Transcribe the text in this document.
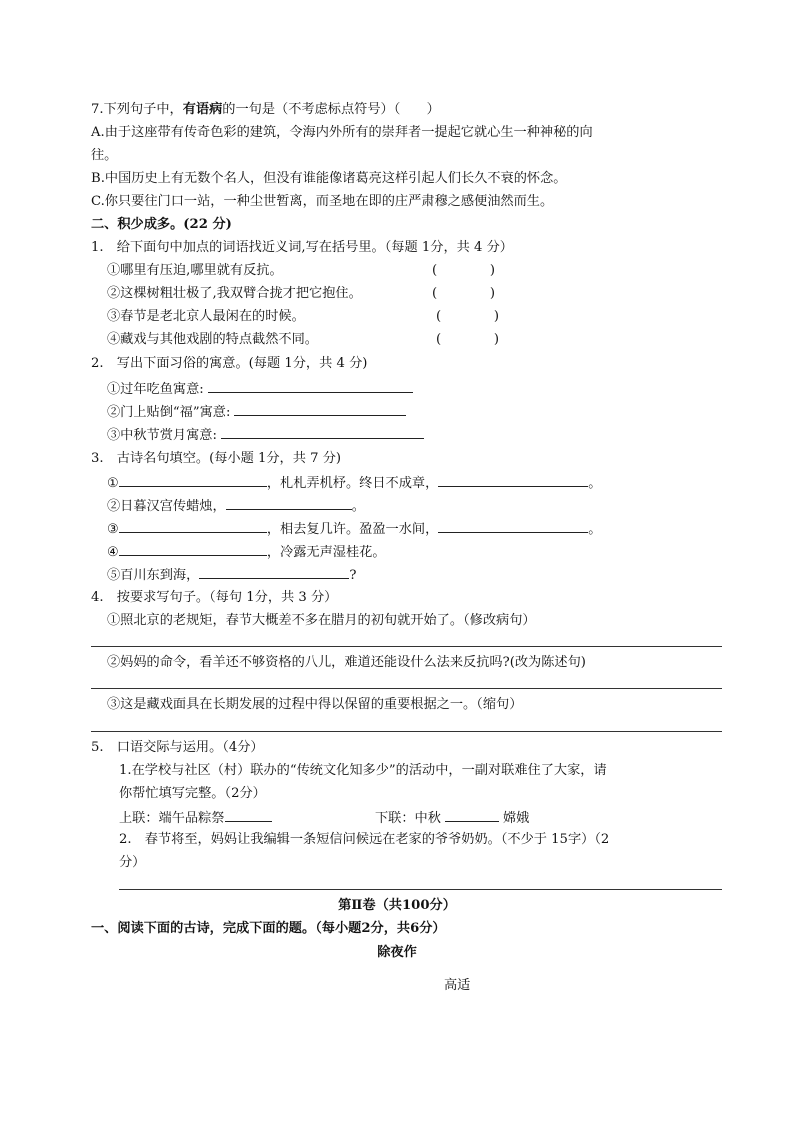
7.下列句子中，有语病的一句是（不考虑标点符号）（　　）
A.由于这座带有传奇色彩的建筑，令海内外所有的崇拜者一提起它就心生一种神秘的向
往。
B.中国历史上有无数个名人，但没有谁能像诸葛亮这样引起人们长久不衰的怀念。
C.你只要往门口一站，一种尘世暂离，而圣地在即的庄严肃穆之感便油然而生。
二、积少成多。(22 分)
1.　给下面句中加点的词语找近义词,写在括号里。（每题 1分，共 4 分）
①哪里有压迫,哪里就有反抗。	(　　　　)
②这棵树粗壮极了,我双臂合拢才把它抱住。	(　　　　)
③春节是老北京人最闲在的时候。	(　　　　)
④藏戏与其他戏剧的特点截然不同。	(　　　　)
2.　写出下面习俗的寓意。(每题 1分，共 4 分)
①过年吃鱼寓意:
②门上贴倒“福”寓意:
③中秋节赏月寓意:
3.　古诗名句填空。(每小题 1分，共 7 分)
①	，札札弄机杼。终日不成章，	。
②日暮汉宫传蜡烛，	。
③	，相去复几许。盈盈一水间，	。
④	，冷露无声湿桂花。
⑤百川东到海，	?
4.　按要求写句子。（每句 1分，共 3 分）
①照北京的老规矩，春节大概差不多在腊月的初旬就开始了。（修改病句）
②妈妈的命令，看羊还不够资格的八儿，难道还能设什么法来反抗吗?(改为陈述句)
③这是藏戏面具在长期发展的过程中得以保留的重要根据之一。（缩句）
5.　口语交际与运用。（4分）
1.在学校与社区（村）联办的“传统文化知多少”的活动中，一副对联难住了大家，请
你帮忙填写完整。（2分）
上联：端午品粽祭	下联：中秋	嫦娥
2.　春节将至，妈妈让我编辑一条短信问候远在老家的爷爷奶奶。（不少于 15字）（2
分）
第Ⅱ卷（共100分）
一、阅读下面的古诗，完成下面的题。（每小题2分，共6分）
除夜作
高适
